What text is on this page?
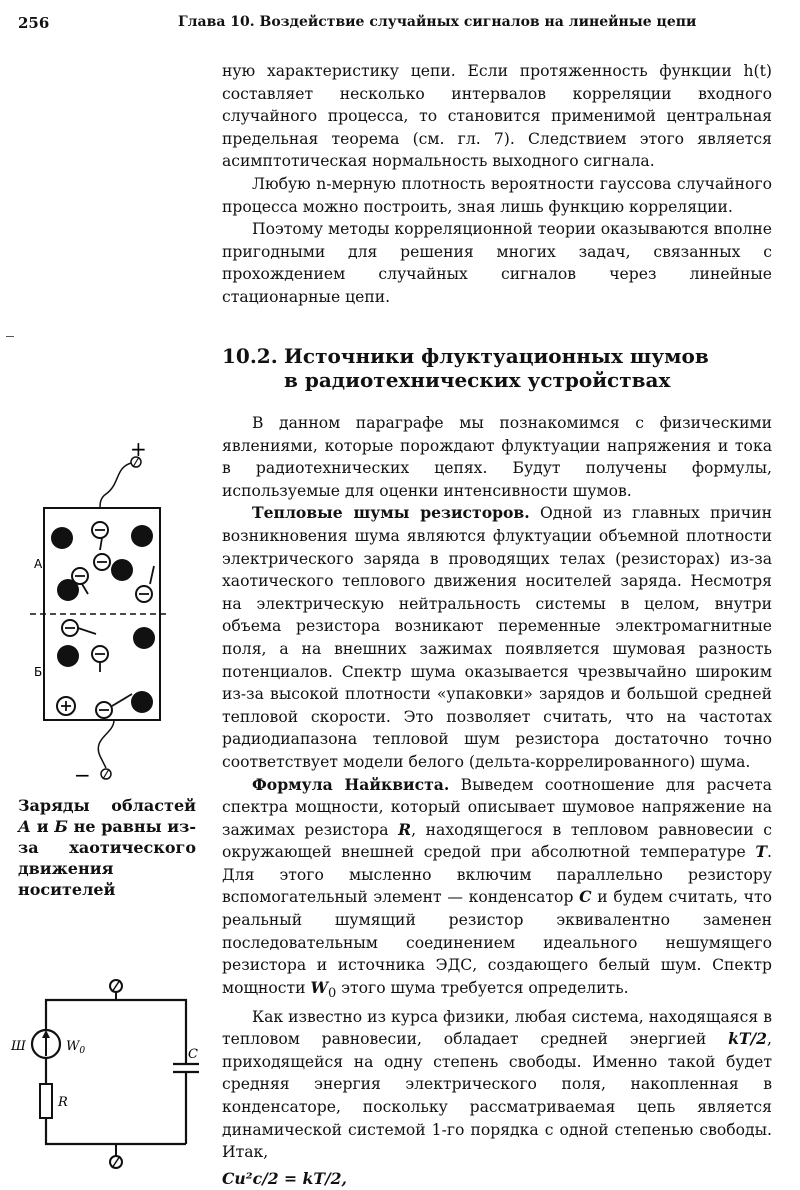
256	Глава 10. Воздействие случайных сигналов на линейные цепи

ную характеристику цепи. Если протяженность функции h(t) составляет несколько интервалов корреляции входного случайного процесса, то становится применимой центральная предельная теорема (см. гл. 7). Следствием этого является асимптотическая нормальность выходного сигнала.

Любую n-мерную плотность вероятности гауссова случайного процесса можно построить, зная лишь функцию корреляции.

Поэтому методы корреляционной теории оказываются вполне пригодными для решения многих задач, связанных с прохождением случайных сигналов через линейные стационарные цепи.

10.2. Источники флуктуационных шумов
в радиотехнических устройствах

В данном параграфе мы познакомимся с физическими явлениями, которые порождают флуктуации напряжения и тока в радиотехнических цепях. Будут получены формулы, используемые для оценки интенсивности шумов.

Тепловые шумы резисторов. Одной из главных причин возникновения шума являются флуктуации объемной плотности электрического заряда в проводящих телах (резисторах) из-за хаотического теплового движения носителей заряда. Несмотря на электрическую нейтральность системы в целом, внутри объема резистора возникают переменные электромагнитные поля, а на внешних зажимах появляется шумовая разность потенциалов. Спектр шума оказывается чрезвычайно широким из-за высокой плотности «упаковки» зарядов и большой средней тепловой скорости. Это позволяет считать, что на частотах радиодиапазона тепловой шум резистора достаточно точно соответствует модели белого (дельта-коррелированного) шума.

Формула Найквиста. Выведем соотношение для расчета спектра мощности, который описывает шумовое напряжение на зажимах резистора R, находящегося в тепловом равновесии с окружающей внешней средой при абсолютной температуре T. Для этого мысленно включим параллельно резистору вспомогательный элемент — конденсатор C и будем считать, что реальный шумящий резистор эквивалентно заменен последовательным соединением идеального нешумящего резистора и источника ЭДС, создающего белый шум. Спектр мощности $W_0$ этого шума требуется определить.

Как известно из курса физики, любая система, находящаяся в тепловом равновесии, обладает средней энергией kT/2, приходящейся на одну степень свободы. Именно такой будет средняя энергия электрического поля, накопленная в конденсаторе, поскольку рассматриваемая цепь является динамической системой 1-го порядка с одной степенью свободы. Итак,

Cu²c/2 = kT/2,

+
А
Б
−
Заряды областей А и Б не равны из-за хаотического движения носителей
C
Ш	$W_0$
R
